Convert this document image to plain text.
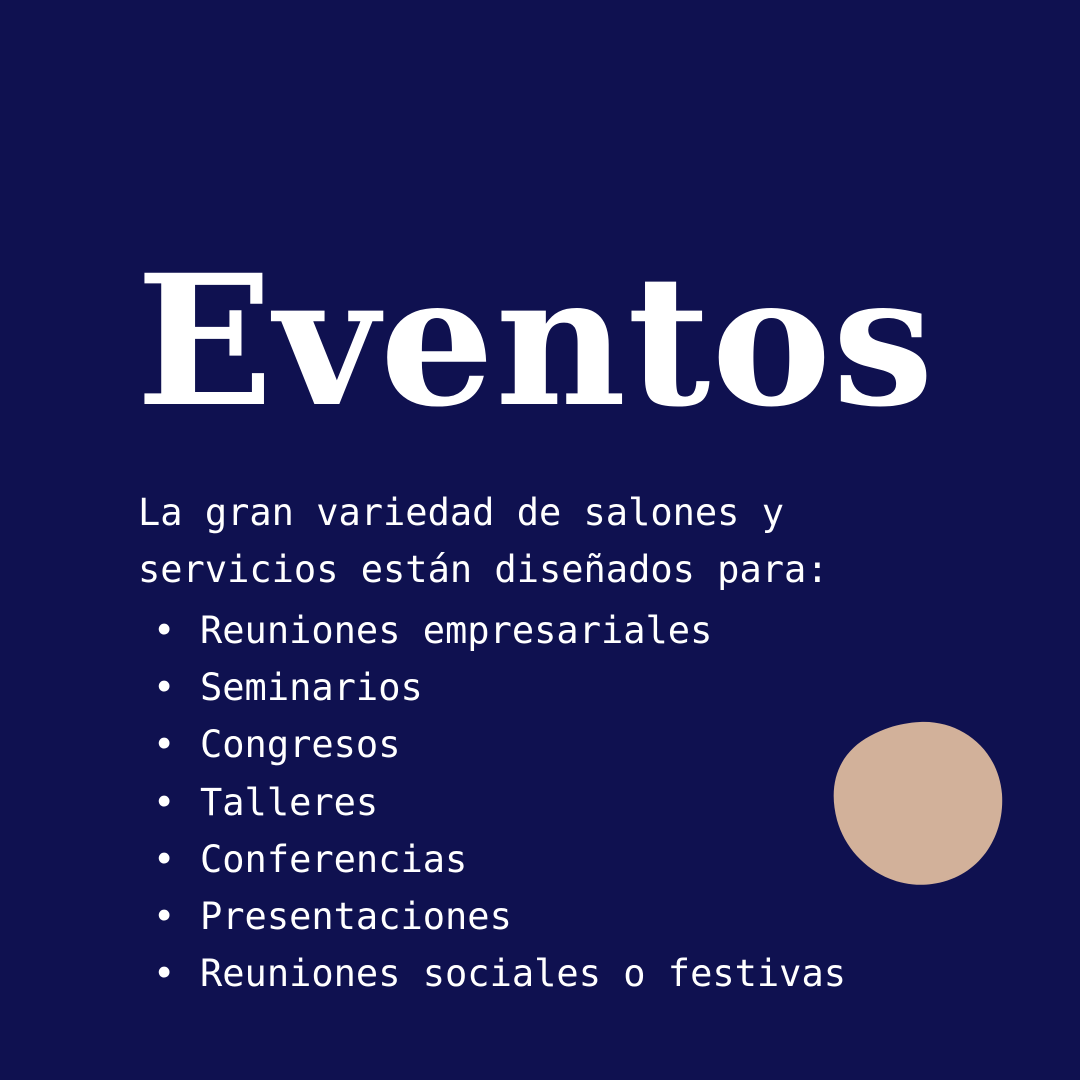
Eventos

La gran variedad de salones y
servicios están diseñados para:

• Reuniones empresariales
• Seminarios
• Congresos
• Talleres
• Conferencias
• Presentaciones
• Reuniones sociales o festivas
